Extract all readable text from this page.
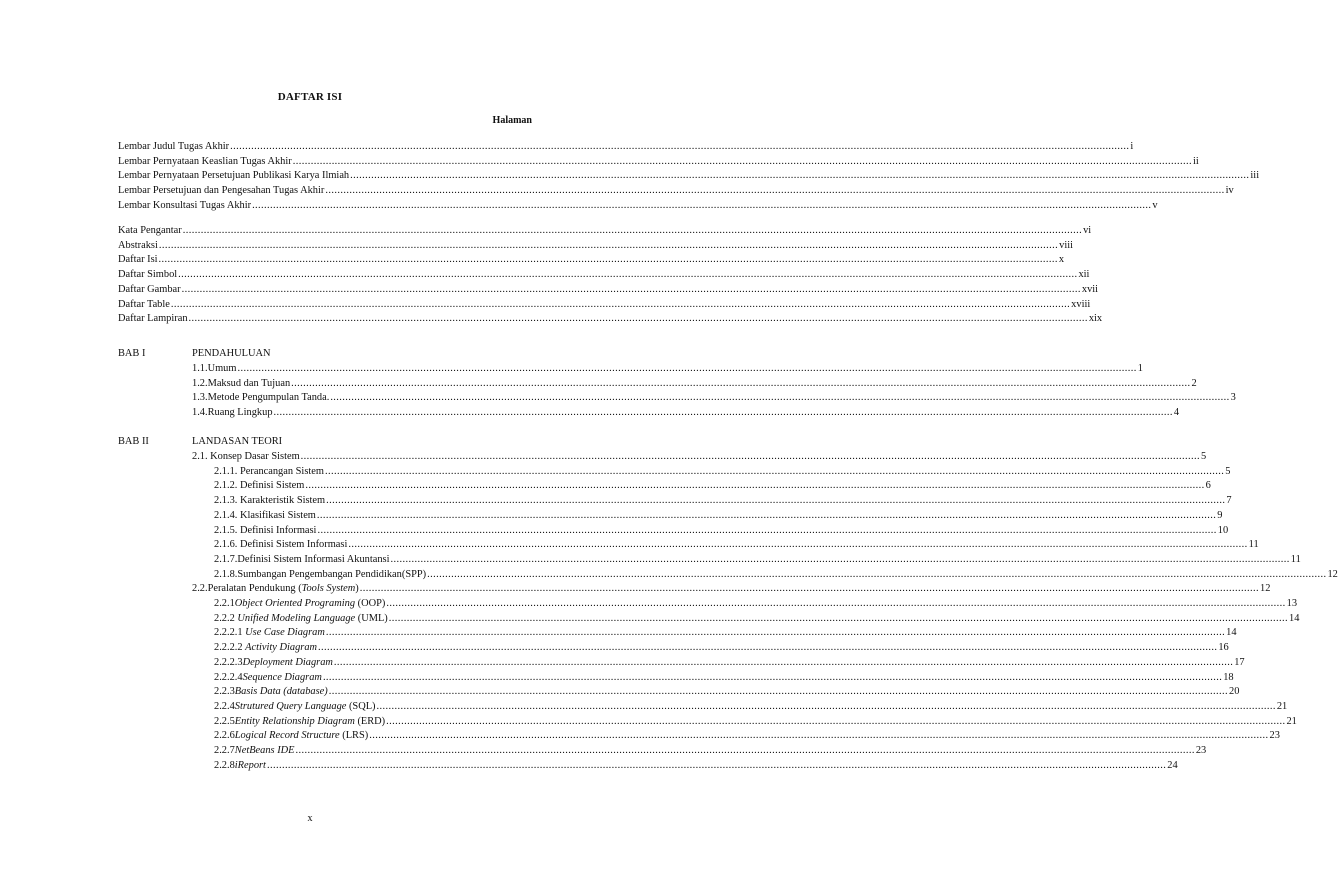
DAFTAR ISI
Halaman
Lembar Judul Tugas Akhir ............................................................................................................................................................................................................................................................................................................ i
Lembar Pernyataan Keaslian Tugas Akhir ............................................................................................................................................................................................................................................................................................................ ii
Lembar Pernyataan Persetujuan Publikasi Karya Ilmiah ............................................................................................................................................................................................................................................................................................................ iii
Lembar Persetujuan dan Pengesahan Tugas Akhir ............................................................................................................................................................................................................................................................................................................ iv
Lembar Konsultasi Tugas Akhir ............................................................................................................................................................................................................................................................................................................ v
Kata Pengantar ............................................................................................................................................................................................................................................................................................................ vi
Abstraksi ............................................................................................................................................................................................................................................................................................................ viii
Daftar Isi ............................................................................................................................................................................................................................................................................................................ x
Daftar Simbol ............................................................................................................................................................................................................................................................................................................ xii
Daftar Gambar ............................................................................................................................................................................................................................................................................................................ xvii
Daftar Table ............................................................................................................................................................................................................................................................................................................ xviii
Daftar Lampiran ............................................................................................................................................................................................................................................................................................................ xix
1.1.Umum ............................................................................................................................................................................................................................................................................................................ 1
1.2.Maksud dan Tujuan ............................................................................................................................................................................................................................................................................................................ 2
1.3.Metode Pengumpulan Tanda. ............................................................................................................................................................................................................................................................................................................ 3
1.4.Ruang Lingkup ............................................................................................................................................................................................................................................................................................................ 4
2.1. Konsep Dasar Sistem ............................................................................................................................................................................................................................................................................................................ 5
2.1.1. Perancangan Sistem ............................................................................................................................................................................................................................................................................................................ 5
2.1.2. Definisi Sistem ............................................................................................................................................................................................................................................................................................................ 6
2.1.3. Karakteristik Sistem ............................................................................................................................................................................................................................................................................................................ 7
2.1.4. Klasifikasi Sistem ............................................................................................................................................................................................................................................................................................................ 9
2.1.5. Definisi Informasi ............................................................................................................................................................................................................................................................................................................ 10
2.1.6. Definisi Sistem Informasi ............................................................................................................................................................................................................................................................................................................ 11
2.1.7.Definisi Sistem Informasi Akuntansi ............................................................................................................................................................................................................................................................................................................ 11
2.1.8.Sumbangan Pengembangan Pendidikan(SPP) ............................................................................................................................................................................................................................................................................................................ 12
2.2.Peralatan Pendukung (Tools System) ............................................................................................................................................................................................................................................................................................................ 12
2.2.1Object Oriented Programing (OOP) ............................................................................................................................................................................................................................................................................................................ 13
2.2.2 Unified Modeling Language (UML) ............................................................................................................................................................................................................................................................................................................ 14
2.2.2.1 Use Case Diagram ............................................................................................................................................................................................................................................................................................................ 14
2.2.2.2 Activity Diagram ............................................................................................................................................................................................................................................................................................................ 16
2.2.2.3Deployment Diagram ............................................................................................................................................................................................................................................................................................................ 17
2.2.2.4Sequence Diagram ............................................................................................................................................................................................................................................................................................................ 18
2.2.3Basis Data (database) ............................................................................................................................................................................................................................................................................................................ 20
2.2.4Strutured Query Language (SQL) ............................................................................................................................................................................................................................................................................................................ 21
2.2.5Entity Relationship Diagram (ERD) ............................................................................................................................................................................................................................................................................................................ 21
2.2.6Logical Record Structure (LRS) ............................................................................................................................................................................................................................................................................................................ 23
2.2.7NetBeans IDE ............................................................................................................................................................................................................................................................................................................ 23
2.2.8iReport ............................................................................................................................................................................................................................................................................................................ 24
BAB I	PENDAHULUAN
BAB II	LANDASAN TEORI
x
